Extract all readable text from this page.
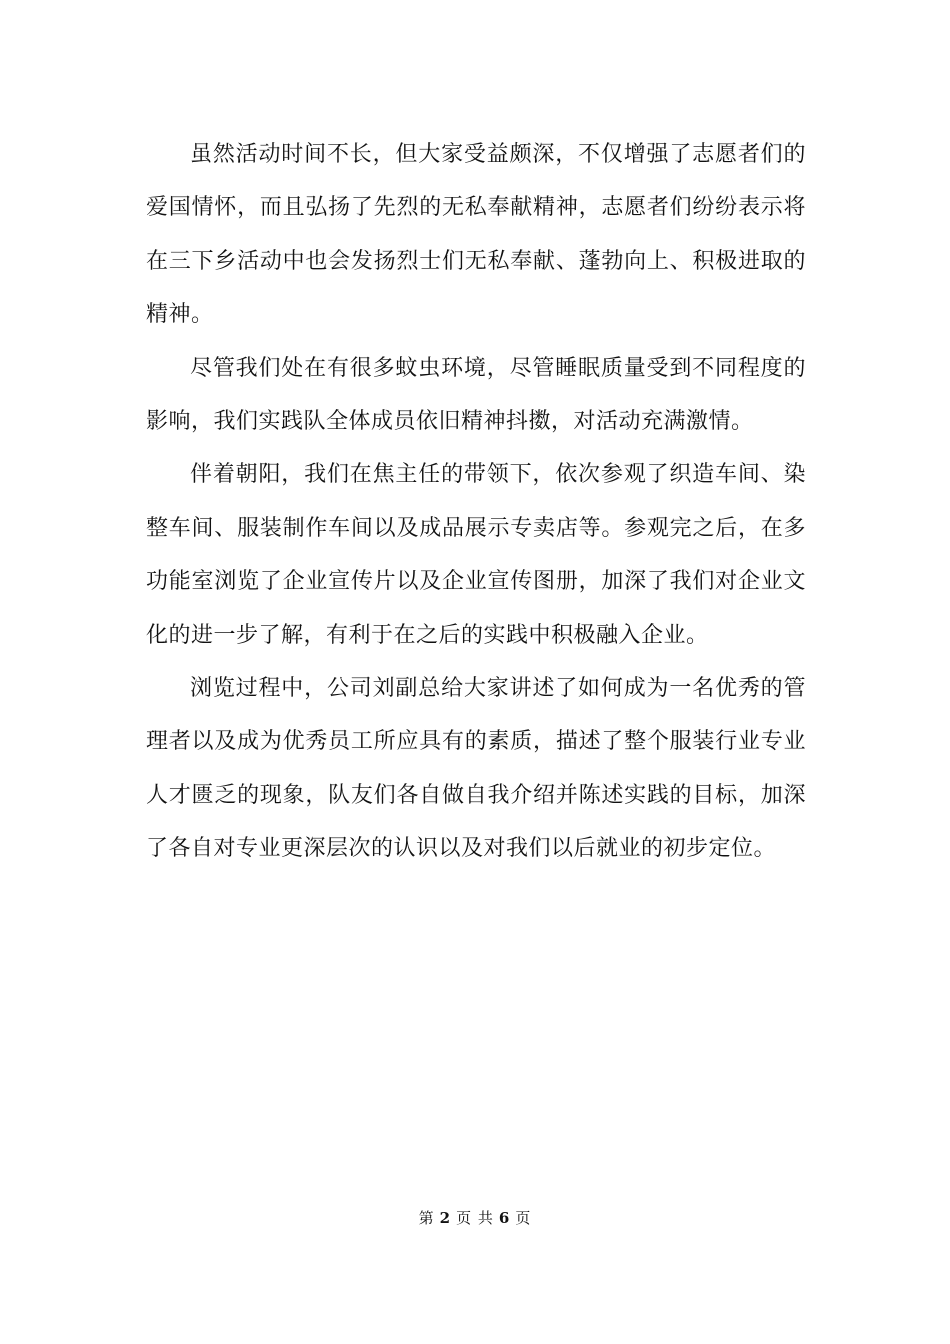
虽然活动时间不长，但大家受益颇深，不仅增强了志愿者们的爱国情怀，而且弘扬了先烈的无私奉献精神，志愿者们纷纷表示将在三下乡活动中也会发扬烈士们无私奉献、蓬勃向上、积极进取的精神。

尽管我们处在有很多蚊虫环境，尽管睡眠质量受到不同程度的影响，我们实践队全体成员依旧精神抖擞，对活动充满激情。

伴着朝阳，我们在焦主任的带领下，依次参观了织造车间、染整车间、服装制作车间以及成品展示专卖店等。参观完之后，在多功能室浏览了企业宣传片以及企业宣传图册，加深了我们对企业文化的进一步了解，有利于在之后的实践中积极融入企业。

浏览过程中，公司刘副总给大家讲述了如何成为一名优秀的管理者以及成为优秀员工所应具有的素质，描述了整个服装行业专业人才匮乏的现象，队友们各自做自我介绍并陈述实践的目标，加深了各自对专业更深层次的认识以及对我们以后就业的初步定位。

第 2 页 共 6 页
